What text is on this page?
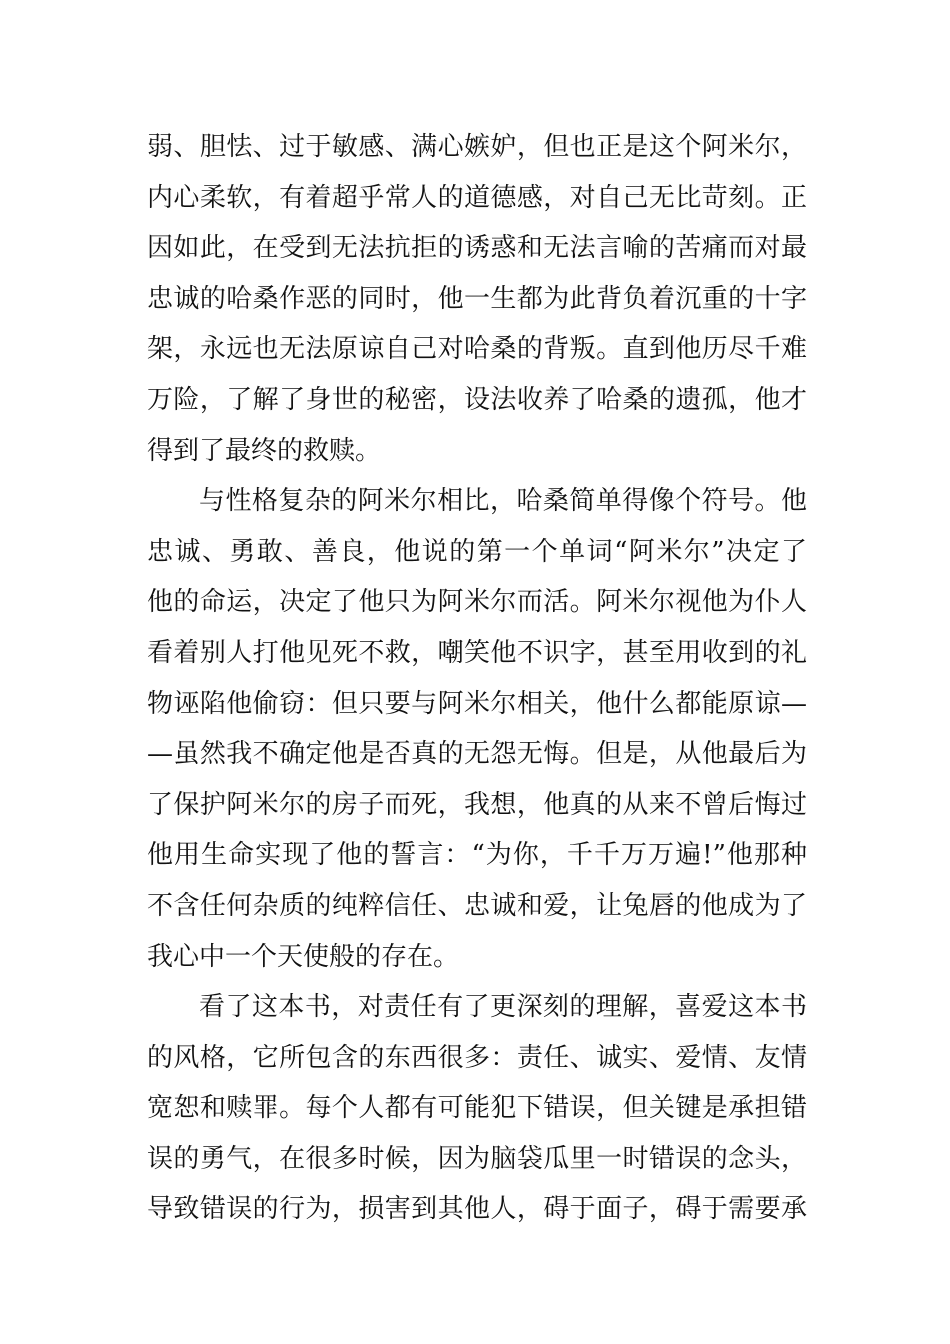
弱、胆怯、过于敏感、满心嫉妒，但也正是这个阿米尔，
内心柔软，有着超乎常人的道德感，对自己无比苛刻。正
因如此，在受到无法抗拒的诱惑和无法言喻的苦痛而对最
忠诚的哈桑作恶的同时，他一生都为此背负着沉重的十字
架，永远也无法原谅自己对哈桑的背叛。直到他历尽千难
万险，了解了身世的秘密，设法收养了哈桑的遗孤，他才
得到了最终的救赎。
与性格复杂的阿米尔相比，哈桑简单得像个符号。他
忠诚、勇敢、善良，他说的第一个单词“阿米尔”决定了
他的命运，决定了他只为阿米尔而活。阿米尔视他为仆人
看着别人打他见死不救，嘲笑他不识字，甚至用收到的礼
物诬陷他偷窃：但只要与阿米尔相关，他什么都能原谅—
—虽然我不确定他是否真的无怨无悔。但是，从他最后为
了保护阿米尔的房子而死，我想，他真的从来不曾后悔过
他用生命实现了他的誓言：“为你，千千万万遍!”他那种
不含任何杂质的纯粹信任、忠诚和爱，让兔唇的他成为了
我心中一个天使般的存在。
看了这本书，对责任有了更深刻的理解，喜爱这本书
的风格，它所包含的东西很多：责任、诚实、爱情、友情
宽恕和赎罪。每个人都有可能犯下错误，但关键是承担错
误的勇气，在很多时候，因为脑袋瓜里一时错误的念头，
导致错误的行为，损害到其他人，碍于面子，碍于需要承
